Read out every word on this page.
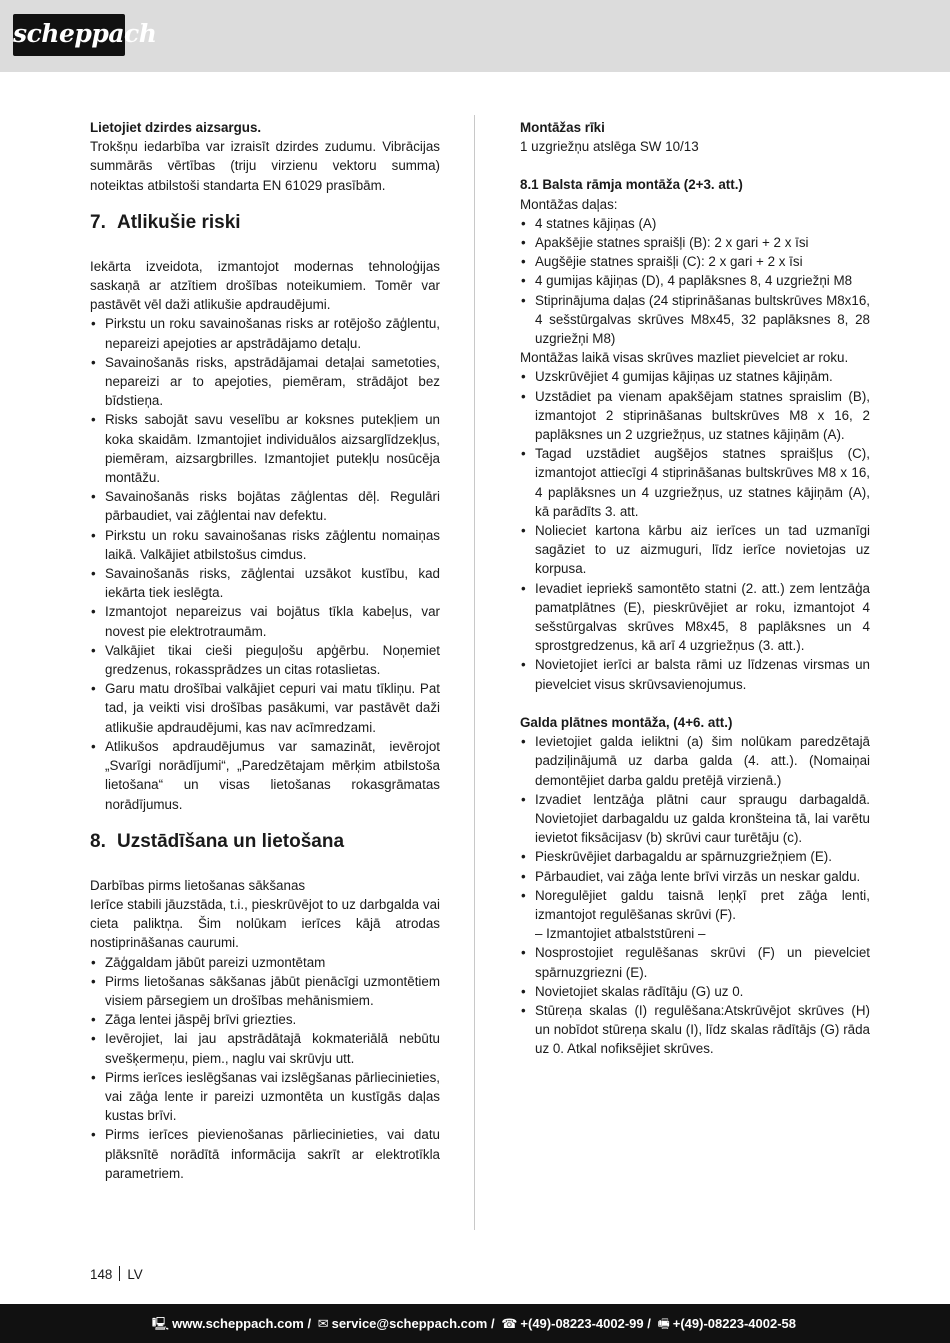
scheppach

Lietojiet dzirdes aizsargus.

Trokšņu iedarbība var izraisīt dzirdes zudumu. Vibrācijas summārās vērtības (triju virzienu vektoru summa) noteiktas atbilstoši standarta EN 61029 prasībām.

7. Atlikušie riski

Iekārta izveidota, izmantojot modernas tehnoloģijas saskaņā ar atzītiem drošības noteikumiem. Tomēr var pastāvēt vēl daži atlikušie apdraudējumi.

• Pirkstu un roku savainošanas risks ar rotējošo zāģlentu, nepareizi apejoties ar apstrādājamo detaļu.
• Savainošanās risks, apstrādājamai detaļai sametoties, nepareizi ar to apejoties, piemēram, strādājot bez bīdstieņa.
• Risks sabojāt savu veselību ar koksnes putekļiem un koka skaidām. Izmantojiet individuālos aizsarglīdzekļus, piemēram, aizsargbrilles. Izmantojiet putekļu nosūcēja montāžu.
• Savainošanās risks bojātas zāģlentas dēļ. Regulāri pārbaudiet, vai zāģlentai nav defektu.
• Pirkstu un roku savainošanas risks zāģlentu nomaiņas laikā. Valkājiet atbilstošus cimdus.
• Savainošanās risks, zāģlentai uzsākot kustību, kad iekārta tiek ieslēgta.
• Izmantojot nepareizus vai bojātus tīkla kabeļus, var novest pie elektrotraumām.
• Valkājiet tikai cieši pieguļošu apģērbu. Noņemiet gredzenus, rokassprādzes un citas rotaslietas.
• Garu matu drošībai valkājiet cepuri vai matu tīkliņu. Pat tad, ja veikti visi drošības pasākumi, var pastāvēt daži atlikušie apdraudējumi, kas nav acīmredzami.
• Atlikušos apdraudējumus var samazināt, ievērojot „Svarīgi norādījumi“, „Paredzētajam mērķim atbilstoša lietošana“ un visas lietošanas rokasgrāmatas norādījumus.
8. Uzstādīšana un lietošana

Darbības pirms lietošanas sākšanas

Ierīce stabili jāuzstāda, t.i., pieskrūvējot to uz darbgalda vai cieta paliktņa. Šim nolūkam ierīces kājā atrodas nostiprināšanas caurumi.

• Zāģgaldam jābūt pareizi uzmontētam
• Pirms lietošanas sākšanas jābūt pienācīgi uzmontētiem visiem pārsegiem un drošības mehānismiem.
• Zāga lentei jāspēj brīvi griezties.
• Ievērojiet, lai jau apstrādātajā kokmateriālā nebūtu svešķermeņu, piem., naglu vai skrūvju utt.
• Pirms ierīces ieslēgšanas vai izslēgšanas pārliecinieties, vai zāģa lente ir pareizi uzmontēta un kustīgās daļas kustas brīvi.
• Pirms ierīces pievienošanas pārliecinieties, vai datu plāksnītē norādītā informācija sakrīt ar elektrotīkla parametriem.

Montāžas rīki

1 uzgriežņu atslēga SW 10/13

8.1 Balsta rāmja montāža (2+3. att.)

Montāžas daļas:

• 4 statnes kājiņas (A)
• Apakšējie statnes spraišļi (B): 2 x gari + 2 x īsi
• Augšējie statnes spraišļi (C): 2 x gari + 2 x īsi
• 4 gumijas kājiņas (D), 4 paplāksnes 8, 4 uzgriežņi M8
• Stiprinājuma daļas (24 stiprināšanas bultskrūves M8x16, 4 sešstūrgalvas skrūves M8x45, 32 paplāksnes 8, 28 uzgriežņi M8)

Montāžas laikā visas skrūves mazliet pievelciet ar roku.

• Uzskrūvējiet 4 gumijas kājiņas uz statnes kājiņām.
• Uzstādiet pa vienam apakšējam statnes spraislim (B), izmantojot 2 stiprināšanas bultskrūves M8 x 16, 2 paplāksnes un 2 uzgriežņus, uz statnes kājiņām (A).
• Tagad uzstādiet augšējos statnes spraišļus (C), izmantojot attiecīgi 4 stiprināšanas bultskrūves M8 x 16, 4 paplāksnes un 4 uzgriežņus, uz statnes kājiņām (A), kā parādīts 3. att.
• Nolieciet kartona kārbu aiz ierīces un tad uzmanīgi sagāziet to uz aizmuguri, līdz ierīce novietojas uz korpusa.
• Ievadiet iepriekš samontēto statni (2. att.) zem lentzāģa pamatplātnes (E), pieskrūvējiet ar roku, izmantojot 4 sešstūrgalvas skrūves M8x45, 8 paplāksnes un 4 sprostgredzenus, kā arī 4 uzgriežņus (3. att.).
• Novietojiet ierīci ar balsta rāmi uz līdzenas virsmas un pievelciet visus skrūvsavienojumus.

Galda plātnes montāža, (4+6. att.)

• Ievietojiet galda ieliktni (a) šim nolūkam paredzētajā padziļinājumā uz darba galda (4. att.). (Nomaiņai demontējiet darba galdu pretējā virzienā.)
• Izvadiet lentzāģa plātni caur spraugu darbagaldā. Novietojiet darbagaldu uz galda kronšteina tā, lai varētu ievietot fiksācijasv (b) skrūvi caur turētāju (c).
• Pieskrūvējiet darbagaldu ar spārnuzgriežņiem (E).
• Pārbaudiet, vai zāģa lente brīvi virzās un neskar galdu.
• Noregulējiet galdu taisnā leņķī pret zāģa lenti, izmantojot regulēšanas skrūvi (F).
– Izmantojiet atbalststūreni –
• Nosprostojiet regulēšanas skrūvi (F) un pievelciet spārnuzgriezni (E).
• Novietojiet skalas rādītāju (G) uz 0.
• Stūreņa skalas (I) regulēšana:Atskrūvējot skrūves (H) un nobīdot stūreņa skalu (I), līdz skalas rādītājs (G) rāda uz 0. Atkal nofiksējiet skrūves.
148 LV
🖳 www.scheppach.com / ✉ service@scheppach.com / ☎ +(49)-08223-4002-99 / 🖷 +(49)-08223-4002-58
